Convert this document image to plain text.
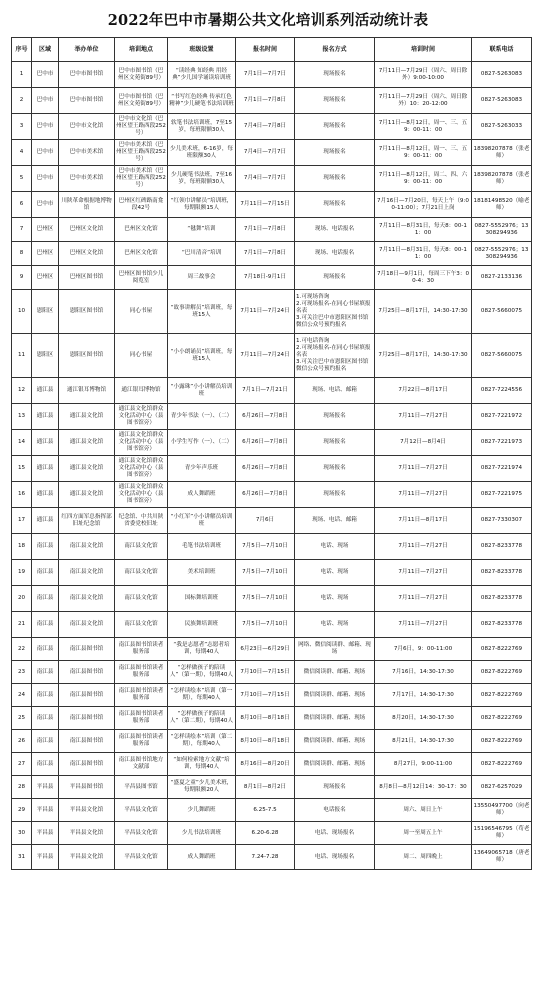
2022年巴中市暑期公共文化培训系列活动统计表
序号	区域	举办单位	培训地点	班级设置	报名时间	报名方式	培训时间	联系电话
1	巴中市	巴中市图书馆	巴中市图书馆（巴州区文苑街89号）	“读经典 知经典 用经典”少儿国学诵读培训班	7月1日—7月7日	现场报名	7月11日—7月29日（周六、周日除外）9:00-10:00	0827-5263083
2	巴中市	巴中市图书馆	巴中市图书馆（巴州区文苑街89号）	“书写红色经典 传承红色精神”少儿硬笔书法培训班	7月1日—7月8日	现场报名	7月11日—7月29日（周六、周日除外）10：20-12:00	0827-5263083
3	巴中市	巴中市文化馆	巴中市文化馆（巴州区望王路西段252号）	软笔书法培训班，7至15岁，每班限额30人	7月4日—7月8日	现场报名	7月11日—8月12日，周一、三、五9：00-11：00	0827-5263033
4	巴中市	巴中市美术馆	巴中市美术馆（巴州区望王路西段252号）	少儿美术班，6-16岁，每班限额30人	7月4日—7月7日	现场报名	7月11日—8月12日，周一、三、五9：00-11：00	18398207878（张老师）
5	巴中市	巴中市美术馆	巴中市美术馆（巴州区望王路西段252号）	少儿硬笔书法班，7至16岁，每班限额30人	7月4日—7月7日	现场报名	7月11日—8月12日，周二、四、六9：00-11：00	18398207878（张老师）
6	巴中市	川陕革命根据地博物馆	巴州区红碑路南龛段42号	“红领巾讲解员”培训班，每期限额15人	7月11日—7月15日	现场报名	7月16日—7月20日，每天上午（9:00-11:00）；7月21日上岗	18181498520（喻老师）
7	巴州区	巴州区文化馆	巴州区文化馆	“毽舞”培训	7月1日—7月8日	现场、电话报名	7月11日—8月31日，每天8：00-11：00	0827-5552976；13308294936
8	巴州区	巴州区文化馆	巴州区文化馆	“巴川清音”培训	7月1日—7月8日	现场、电话报名	7月11日—8月31日，每天8：00-11：00	0827-5552976；13308294936
9	巴州区	巴州区图书馆	巴州区图书馆少儿阅览室	周三故事会	7月18日-9月1日	现场报名	7月18日—9月1日，每周三下午3：00-4：30	0827-2133136
10	恩阳区	恩阳区图书馆	同心书屋	“故事讲解员”培训班，每班15人	7月11日—7月24日	1.可现场咨询
2.可现场报名-在同心书屋填报名表
3.可关注巴中市恩阳区图书馆微信公众号预约报名	7月25日—8月17日，14:30-17:30	0827-5660075
11	恩阳区	恩阳区图书馆	同心书屋	“小小朗诵员”培训班，每班15人	7月11日—7月24日	1.可电话咨询
2.可现场报名-在同心书屋填报名表
3.可关注巴中市恩阳区图书馆微信公众号预约报名	7月25日—8月17日，14:30-17:30	0827-5660075
12	通江县	通江银耳博物馆	通江银耳博物馆	“小露珠”小小讲解员培训班	7月1日—7月21日	现场、电话、邮箱	7月22日—8月17日	0827-7224556
13	通江县	通江县文化馆	通江县文化馆群众文化活动中心（县图书馆旁）	青少年书法（一）、（二）	6月26日—7月8日	现场报名	7月11日—7月27日	0827-7221972
14	通江县	通江县文化馆	通江县文化馆群众文化活动中心（县图书馆旁）	小学生写作（一）、（二）	6月26日—7月8日	现场报名	7月12日—8月4日	0827-7221973
15	通江县	通江县文化馆	通江县文化馆群众文化活动中心（县图书馆旁）	青少年声乐班	6月26日—7月8日	现场报名	7月11日—7月27日	0827-7221974
16	通江县	通江县文化馆	通江县文化馆群众文化活动中心（县图书馆旁）	成人舞蹈班	6月26日—7月8日	现场报名	7月11日—7月27日	0827-7221975
17	通江县	红四方面军总指挥部旧址纪念馆	纪念馆、中共川陕省委党校旧址	“小红军”小小讲解员培训班	7月6日	现场、电话、邮箱	7月11日—8月17日	0827-7330307
18	南江县	南江县文化馆	南江县文化馆	毛笔书法培训班	7月5日—7月10日	电话、现场	7月11日—7月27日	0827-8233778
19	南江县	南江县文化馆	南江县文化馆	美术培训班	7月5日—7月10日	电话、现场	7月11日—7月27日	0827-8233778
20	南江县	南江县文化馆	南江县文化馆	国标舞培训班	7月5日—7月10日	电话、现场	7月11日—7月27日	0827-8233778
21	南江县	南江县文化馆	南江县文化馆	民族舞培训班	7月5日—7月10日	电话、现场	7月11日—7月27日	0827-8233778
22	南江县	南江县图书馆	南江县图书馆读者服务部	“我是志愿者”志愿者培训，每期40人	6月23日—6月29日	网络、微信阅读群、邮箱、现场	7月6日，9：00-11:00	0827-8222769
23	南江县	南江县图书馆	南江县图书馆读者服务部	“怎样做孩子的陪读人”（第一期），每期40人	7月10日—7月15日	微信阅读群、邮箱、现场	7月16日，14:30-17:30	0827-8222769
24	南江县	南江县图书馆	南江县图书馆读者服务部	“怎样读绘本”培训（第一期），每期40人	7月10日—7月15日	微信阅读群、邮箱、现场	7月17日，14:30-17:30	0827-8222769
25	南江县	南江县图书馆	南江县图书馆读者服务部	“怎样做孩子的陪读人”（第二期），每期40人	8月10日—8月18日	微信阅读群、邮箱、现场	8月20日，14:30-17:30	0827-8222769
26	南江县	南江县图书馆	南江县图书馆读者服务部	“怎样读绘本”培训（第二期），每期40人	8月10日—8月18日	微信阅读群、邮箱、现场	8月21日，14:30-17:30	0827-8222769
27	南江县	南江县图书馆	南江县图书馆地方文献部	“如何检索地方文献”培训，每期40人	8月16日—8月20日	微信阅读群、邮箱、现场	8月27日，9:00-11:00	0827-8222769
28	平昌县	平昌县图书馆	平昌县图书馆	“盛夏之童”少儿美术班，每期限额20人	8月1日—8月2日	现场报名	8月8日—8月12日14：30-17：30	0827-6257029
29	平昌县	平昌县文化馆	平昌县文化馆	少儿舞蹈班	6.25-7.5	电话报名	周六、周日上午	13550497700（向老师）
30	平昌县	平昌县文化馆	平昌县文化馆	少儿书法培训班	6.20-6.28	电话、现场报名	周一至周五上午	15196546795（苟老师）
31	平昌县	平昌县文化馆	平昌县文化馆	成人舞蹈班	7.24-7.28	电话、现场报名	周二、周四晚上	13649065718（唐老师）
